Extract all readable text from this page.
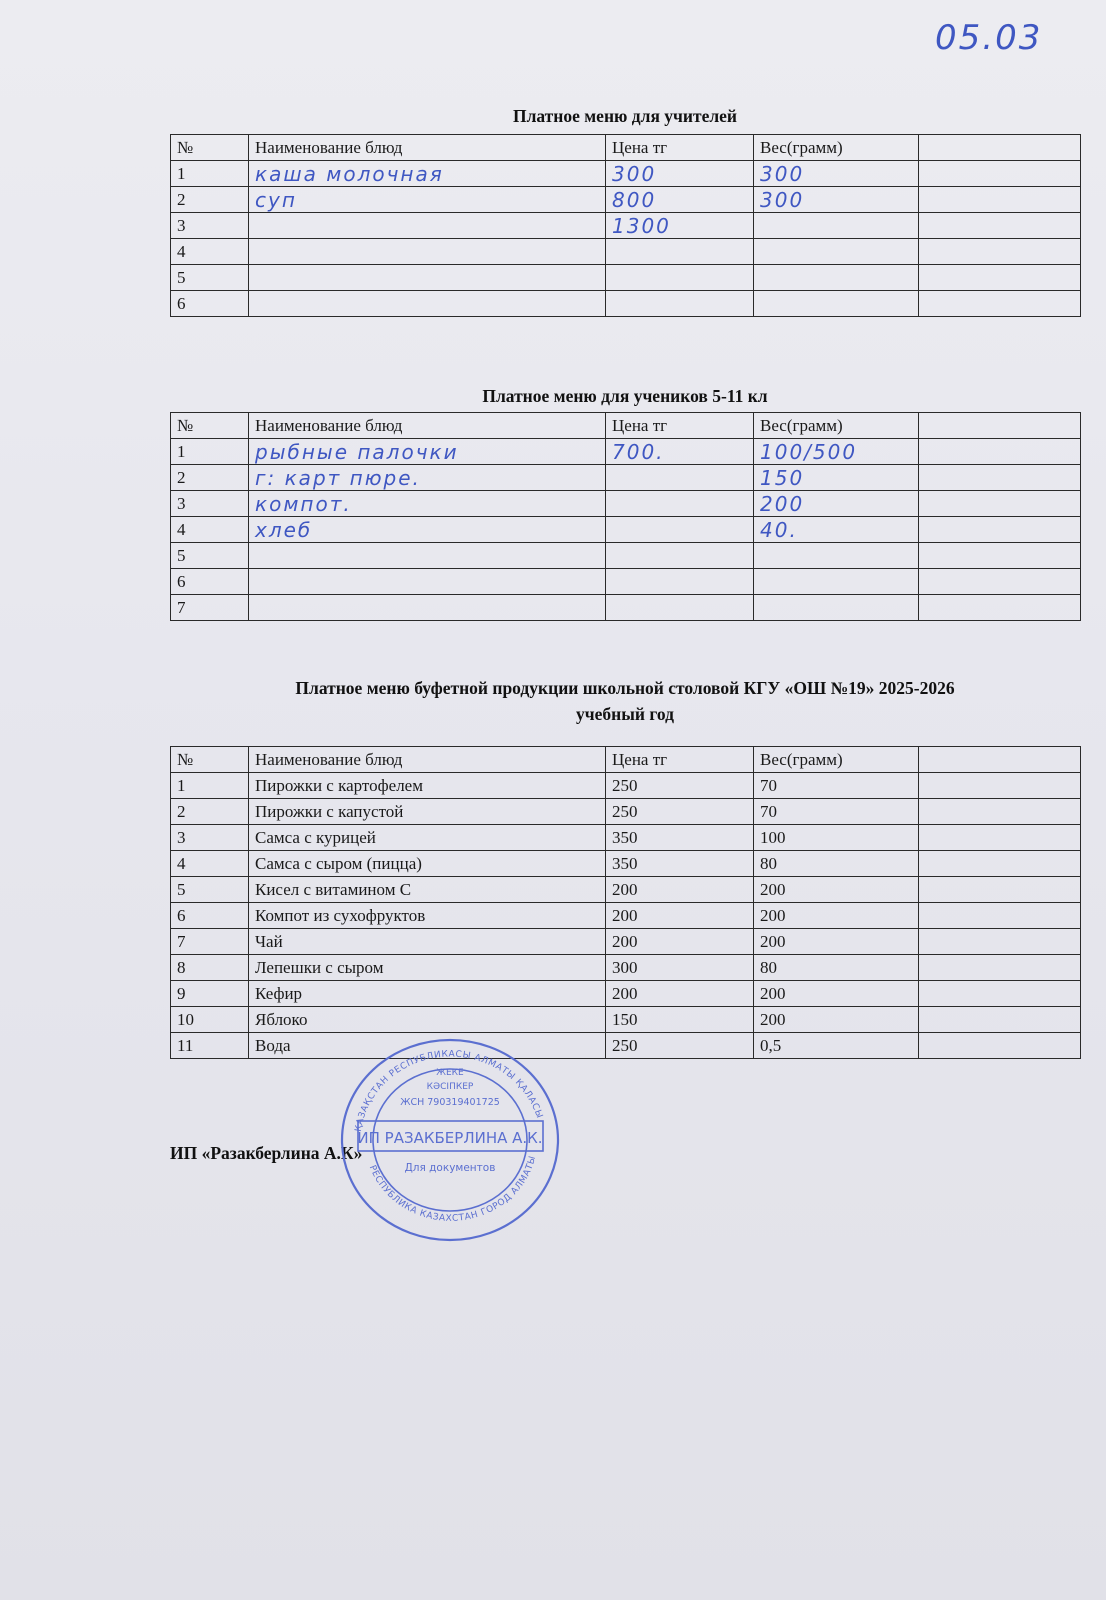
05.03
Платное меню для учителей
№	Наименование блюд	Цена тг	Вес(грамм)	
1	каша молочная	300	300	
2	суп	800	300	
3		1300		
4				
5				
6				
Платное меню для учеников 5-11 кл
№	Наименование блюд	Цена тг	Вес(грамм)	
1	рыбные палочки	700.	100/500	
2	г: карт пюре.		150	
3	компот.		200	
4	хлеб		40.	
5				
6				
7				
Платное меню буфетной продукции школьной столовой КГУ «ОШ №19» 2025-2026
учебный год
№	Наименование блюд	Цена тг	Вес(грамм)	
1	Пирожки с картофелем	250	70	
2	Пирожки с капустой	250	70	
3	Самса с курицей	350	100	
4	Самса с сыром (пицца)	350	80	
5	Кисел с витамином С	200	200	
6	Компот из сухофруктов	200	200	
7	Чай	200	200	
8	Лепешки с сыром	300	80	
9	Кефир	200	200	
10	Яблоко	150	200	
11	Вода	250	0,5	
ИП «Разакберлина А.К»
ҚАЗАҚСТАН РЕСПУБЛИКАСЫ АЛМАТЫ ҚАЛАСЫ
РЕСПУБЛИКА КАЗАХСТАН ГОРОД АЛМАТЫ
ЖЕКЕ
КӘСІПКЕР
ЖСН 790319401725
ИП РАЗАКБЕРЛИНА А.К.
Для документов
